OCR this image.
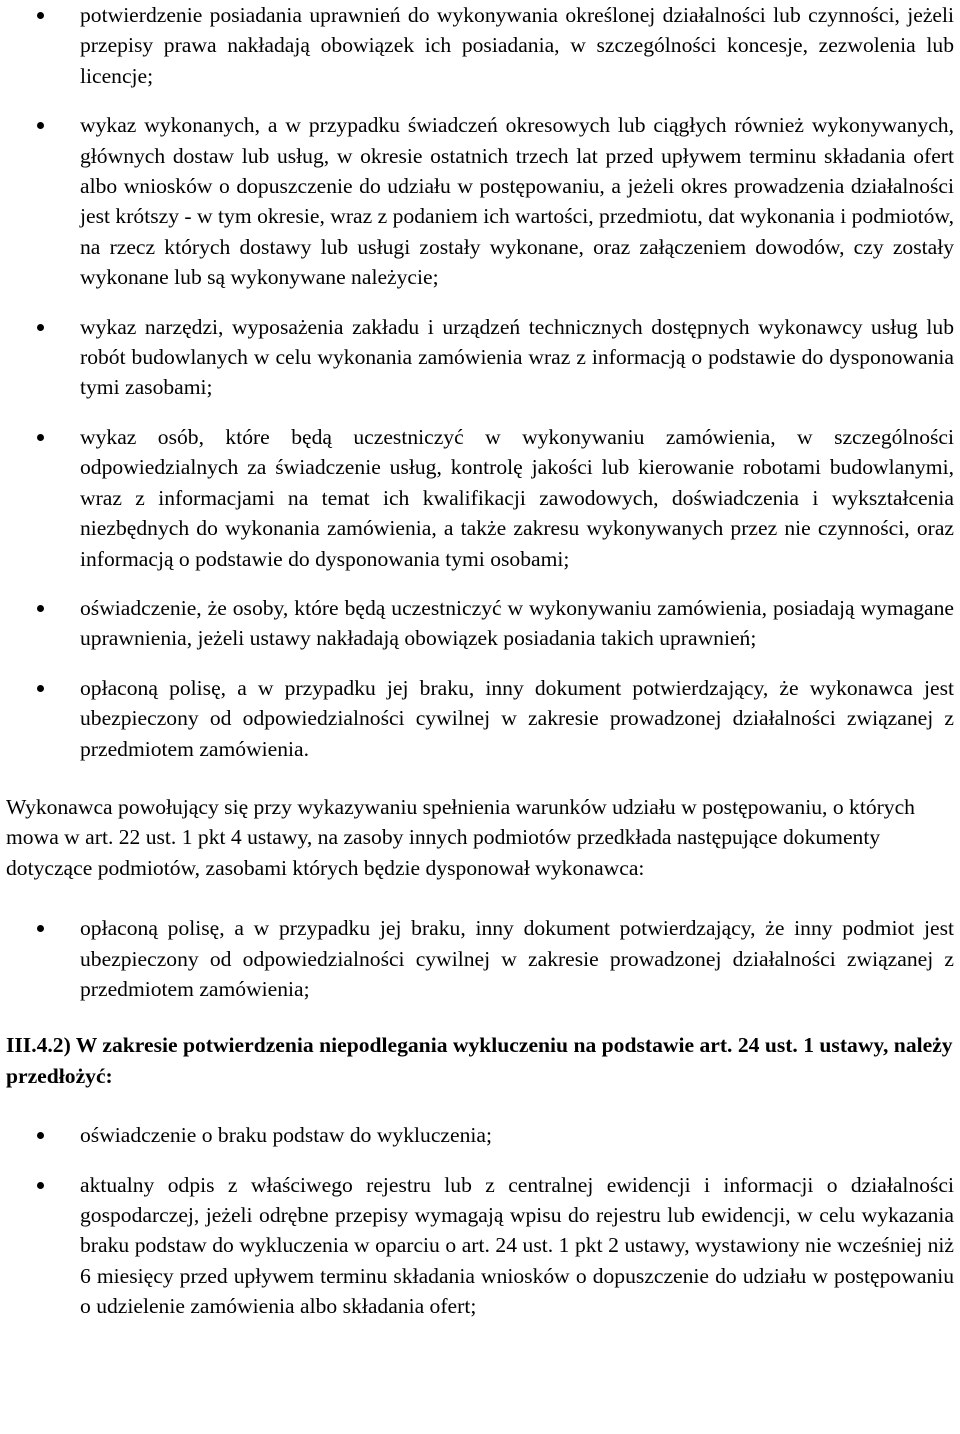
potwierdzenie posiadania uprawnień do wykonywania określonej działalności lub czynności, jeżeli przepisy prawa nakładają obowiązek ich posiadania, w szczególności koncesje, zezwolenia lub licencje;
wykaz wykonanych, a w przypadku świadczeń okresowych lub ciągłych również wykonywanych, głównych dostaw lub usług, w okresie ostatnich trzech lat przed upływem terminu składania ofert albo wniosków o dopuszczenie do udziału w postępowaniu, a jeżeli okres prowadzenia działalności jest krótszy - w tym okresie, wraz z podaniem ich wartości, przedmiotu, dat wykonania i podmiotów, na rzecz których dostawy lub usługi zostały wykonane, oraz załączeniem dowodów, czy zostały wykonane lub są wykonywane należycie;
wykaz narzędzi, wyposażenia zakładu i urządzeń technicznych dostępnych wykonawcy usług lub robót budowlanych w celu wykonania zamówienia wraz z informacją o podstawie do dysponowania tymi zasobami;
wykaz osób, które będą uczestniczyć w wykonywaniu zamówienia, w szczególności odpowiedzialnych za świadczenie usług, kontrolę jakości lub kierowanie robotami budowlanymi, wraz z informacjami na temat ich kwalifikacji zawodowych, doświadczenia i wykształcenia niezbędnych do wykonania zamówienia, a także zakresu wykonywanych przez nie czynności, oraz informacją o podstawie do dysponowania tymi osobami;
oświadczenie, że osoby, które będą uczestniczyć w wykonywaniu zamówienia, posiadają wymagane uprawnienia, jeżeli ustawy nakładają obowiązek posiadania takich uprawnień;
opłaconą polisę, a w przypadku jej braku, inny dokument potwierdzający, że wykonawca jest ubezpieczony od odpowiedzialności cywilnej w zakresie prowadzonej działalności związanej z przedmiotem zamówienia.

Wykonawca powołujący się przy wykazywaniu spełnienia warunków udziału w postępowaniu, o których mowa w art. 22 ust. 1 pkt 4 ustawy, na zasoby innych podmiotów przedkłada następujące dokumenty dotyczące podmiotów, zasobami których będzie dysponował wykonawca:

opłaconą polisę, a w przypadku jej braku, inny dokument potwierdzający, że inny podmiot jest ubezpieczony od odpowiedzialności cywilnej w zakresie prowadzonej działalności związanej z przedmiotem zamówienia;
III.4.2) W zakresie potwierdzenia niepodlegania wykluczeniu na podstawie art. 24 ust. 1 ustawy, należy przedłożyć:
oświadczenie o braku podstaw do wykluczenia;
aktualny odpis z właściwego rejestru lub z centralnej ewidencji i informacji o działalności gospodarczej, jeżeli odrębne przepisy wymagają wpisu do rejestru lub ewidencji, w celu wykazania braku podstaw do wykluczenia w oparciu o art. 24 ust. 1 pkt 2 ustawy, wystawiony nie wcześniej niż 6 miesięcy przed upływem terminu składania wniosków o dopuszczenie do udziału w postępowaniu o udzielenie zamówienia albo składania ofert;
